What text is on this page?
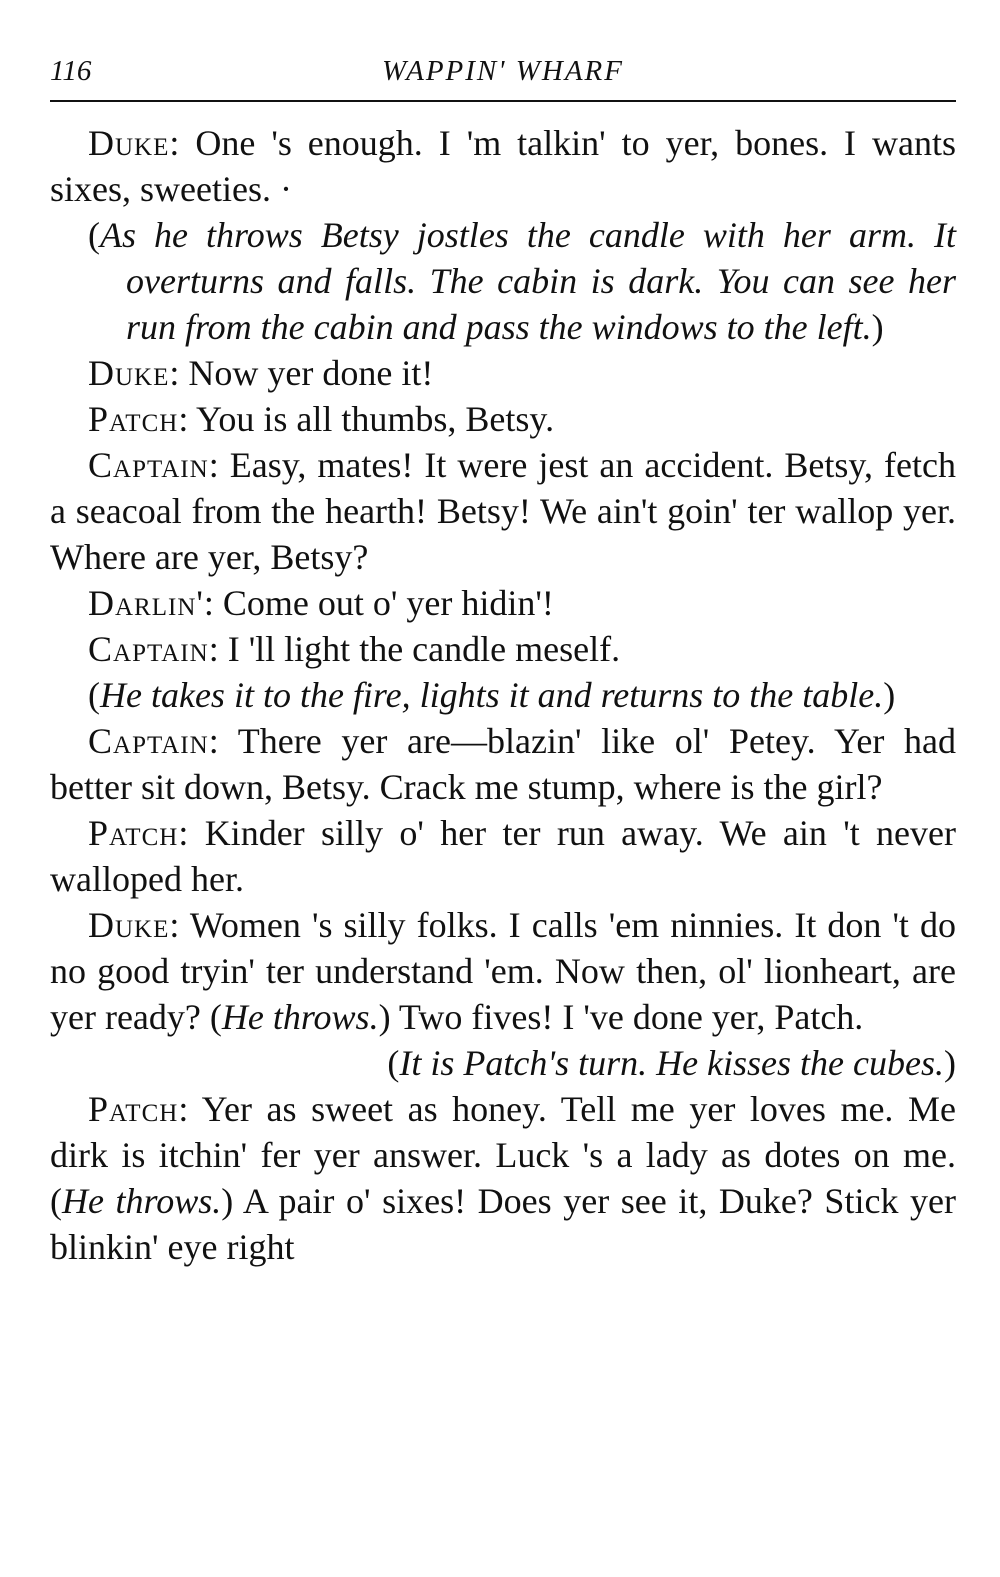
116	WAPPIN' WHARF

Duke: One 's enough. I 'm talkin' to yer, bones. I wants sixes, sweeties. ·

(As he throws Betsy jostles the candle with her arm. It overturns and falls. The cabin is dark. You can see her run from the cabin and pass the windows to the left.)

Duke: Now yer done it!

Patch: You is all thumbs, Betsy.

Captain: Easy, mates! It were jest an accident. Betsy, fetch a seacoal from the hearth! Betsy! We ain't goin' ter wallop yer. Where are yer, Betsy?

Darlin': Come out o' yer hidin'!

Captain: I 'll light the candle meself.

(He takes it to the fire, lights it and returns to the table.)

Captain: There yer are—blazin' like ol' Petey. Yer had better sit down, Betsy. Crack me stump, where is the girl?

Patch: Kinder silly o' her ter run away. We ain 't never walloped her.

Duke: Women 's silly folks. I calls 'em ninnies. It don 't do no good tryin' ter understand 'em. Now then, ol' lionheart, are yer ready? (He throws.) Two fives! I 've done yer, Patch.

(It is Patch's turn. He kisses the cubes.)

Patch: Yer as sweet as honey. Tell me yer loves me. Me dirk is itchin' fer yer answer. Luck 's a lady as dotes on me. (He throws.) A pair o' sixes! Does yer see it, Duke? Stick yer blinkin' eye right
